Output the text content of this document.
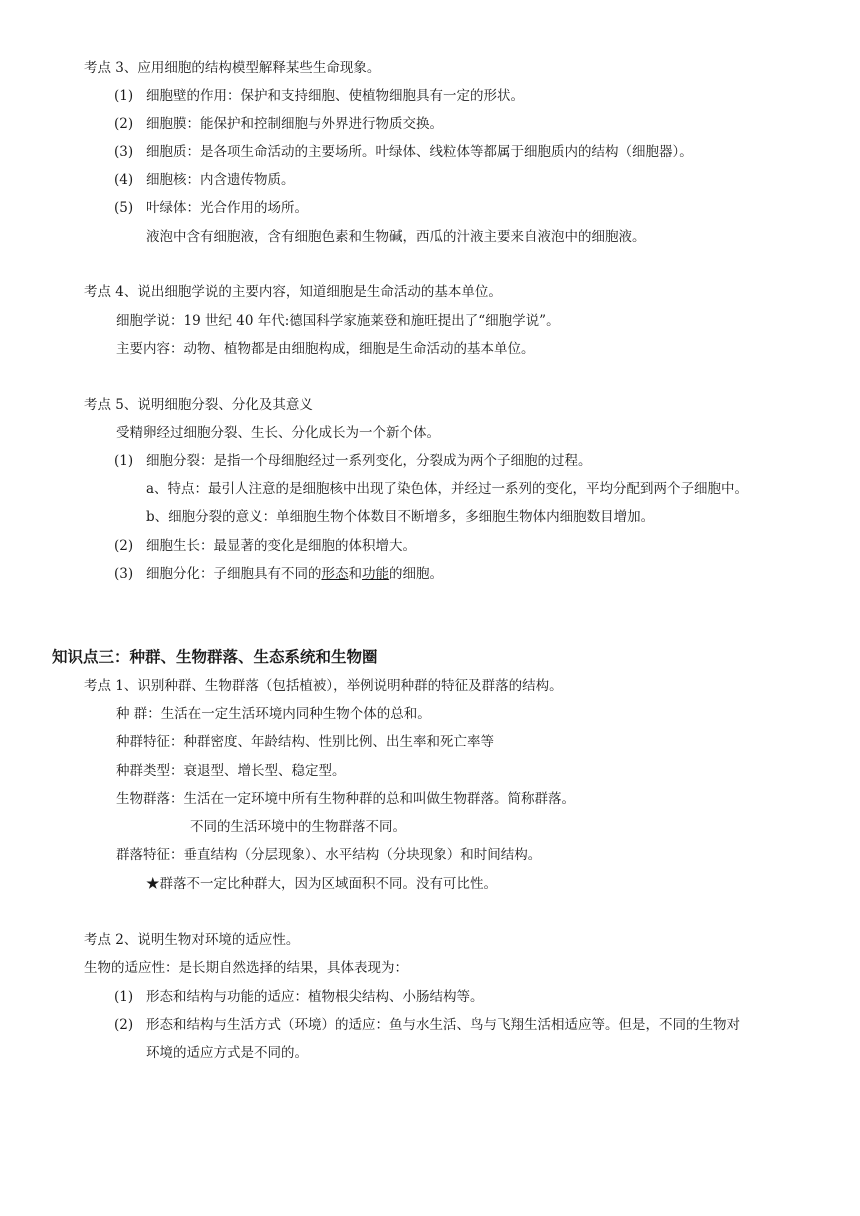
考点 3、应用细胞的结构模型解释某些生命现象。
(1) 细胞壁的作用：保护和支持细胞、使植物细胞具有一定的形状。
(2) 细胞膜：能保护和控制细胞与外界进行物质交换。
(3) 细胞质：是各项生命活动的主要场所。叶绿体、线粒体等都属于细胞质内的结构（细胞器）。
(4) 细胞核：内含遗传物质。
(5) 叶绿体：光合作用的场所。
液泡中含有细胞液，含有细胞色素和生物碱，西瓜的汁液主要来自液泡中的细胞液。
考点 4、说出细胞学说的主要内容，知道细胞是生命活动的基本单位。
细胞学说：19 世纪 40 年代:德国科学家施莱登和施旺提出了“细胞学说”。
主要内容：动物、植物都是由细胞构成，细胞是生命活动的基本单位。
考点 5、说明细胞分裂、分化及其意义
受精卵经过细胞分裂、生长、分化成长为一个新个体。
(1) 细胞分裂：是指一个母细胞经过一系列变化，分裂成为两个子细胞的过程。
a、特点：最引人注意的是细胞核中出现了染色体，并经过一系列的变化，平均分配到两个子细胞中。
b、细胞分裂的意义：单细胞生物个体数目不断增多，多细胞生物体内细胞数目增加。
(2) 细胞生长：最显著的变化是细胞的体积增大。
(3) 细胞分化：子细胞具有不同的形态和功能的细胞。
知识点三：种群、生物群落、生态系统和生物圈
考点 1、识别种群、生物群落（包括植被），举例说明种群的特征及群落的结构。
种 群：生活在一定生活环境内同种生物个体的总和。
种群特征：种群密度、年龄结构、性别比例、出生率和死亡率等
种群类型：衰退型、增长型、稳定型。
生物群落：生活在一定环境中所有生物种群的总和叫做生物群落。简称群落。
不同的生活环境中的生物群落不同。
群落特征：垂直结构（分层现象）、水平结构（分块现象）和时间结构。
★群落不一定比种群大，因为区域面积不同。没有可比性。
考点 2、说明生物对环境的适应性。
生物的适应性：是长期自然选择的结果，具体表现为：
(1) 形态和结构与功能的适应：植物根尖结构、小肠结构等。
(2) 形态和结构与生活方式（环境）的适应：鱼与水生活、鸟与飞翔生活相适应等。但是，不同的生物对
环境的适应方式是不同的。
